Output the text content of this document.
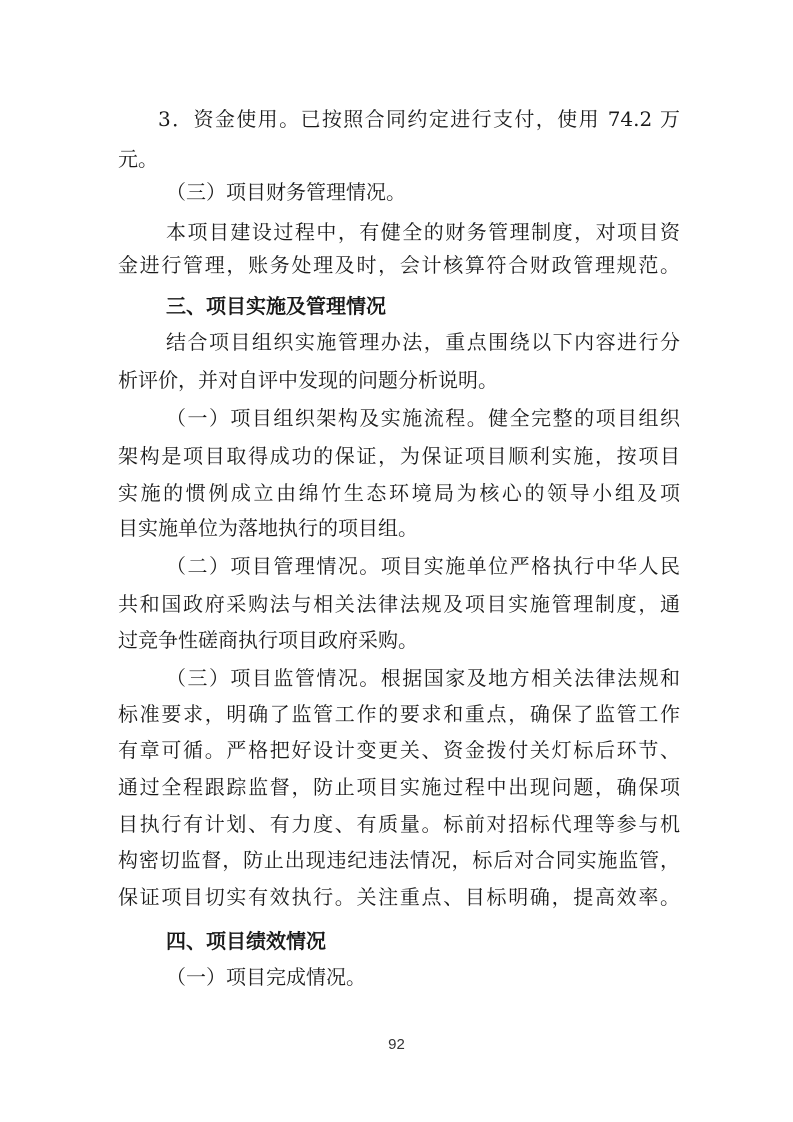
3．资金使用。已按照合同约定进行支付，使用 74.2 万
元。
（三）项目财务管理情况。
本项目建设过程中，有健全的财务管理制度，对项目资
金进行管理，账务处理及时，会计核算符合财政管理规范。
三、项目实施及管理情况
结合项目组织实施管理办法，重点围绕以下内容进行分
析评价，并对自评中发现的问题分析说明。
（一）项目组织架构及实施流程。健全完整的项目组织
架构是项目取得成功的保证，为保证项目顺利实施，按项目
实施的惯例成立由绵竹生态环境局为核心的领导小组及项
目实施单位为落地执行的项目组。
（二）项目管理情况。项目实施单位严格执行中华人民
共和国政府采购法与相关法律法规及项目实施管理制度，通
过竞争性磋商执行项目政府采购。
（三）项目监管情况。根据国家及地方相关法律法规和
标准要求，明确了监管工作的要求和重点，确保了监管工作
有章可循。严格把好设计变更关、资金拨付关灯标后环节、
通过全程跟踪监督，防止项目实施过程中出现问题，确保项
目执行有计划、有力度、有质量。标前对招标代理等参与机
构密切监督，防止出现违纪违法情况，标后对合同实施监管，
保证项目切实有效执行。关注重点、目标明确，提高效率。
四、项目绩效情况
（一）项目完成情况。
92
